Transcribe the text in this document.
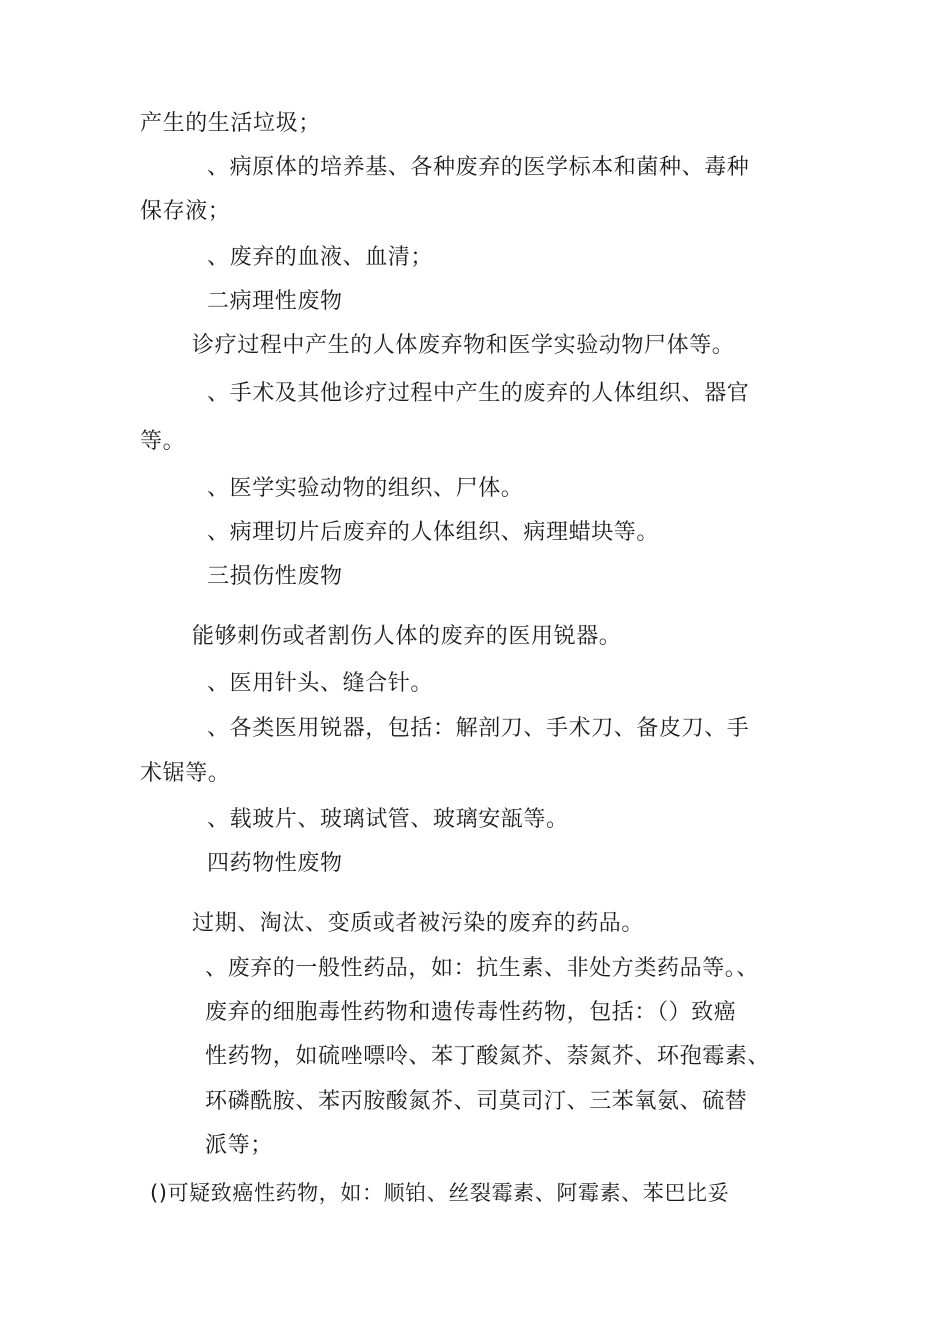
产生的生活垃圾；
、病原体的培养基、各种废弃的医学标本和菌种、毒种
保存液；
、废弃的血液、血清；
二病理性废物
诊疗过程中产生的人体废弃物和医学实验动物尸体等。
、手术及其他诊疗过程中产生的废弃的人体组织、器官
等。
、医学实验动物的组织、尸体。
、病理切片后废弃的人体组织、病理蜡块等。
三损伤性废物
能够刺伤或者割伤人体的废弃的医用锐器。
、医用针头、缝合针。
、各类医用锐器，包括：解剖刀、手术刀、备皮刀、手
术锯等。
、载玻片、玻璃试管、玻璃安瓿等。
四药物性废物
过期、淘汰、变质或者被污染的废弃的药品。
、废弃的一般性药品，如：抗生素、非处方类药品等。、
废弃的细胞毒性药物和遗传毒性药物，包括：（）致癌
性药物，如硫唑嘌呤、苯丁酸氮芥、萘氮芥、环孢霉素、
环磷酰胺、苯丙胺酸氮芥、司莫司汀、三苯氧氨、硫替
派等；
()可疑致癌性药物，如：顺铂、丝裂霉素、阿霉素、苯巴比妥
